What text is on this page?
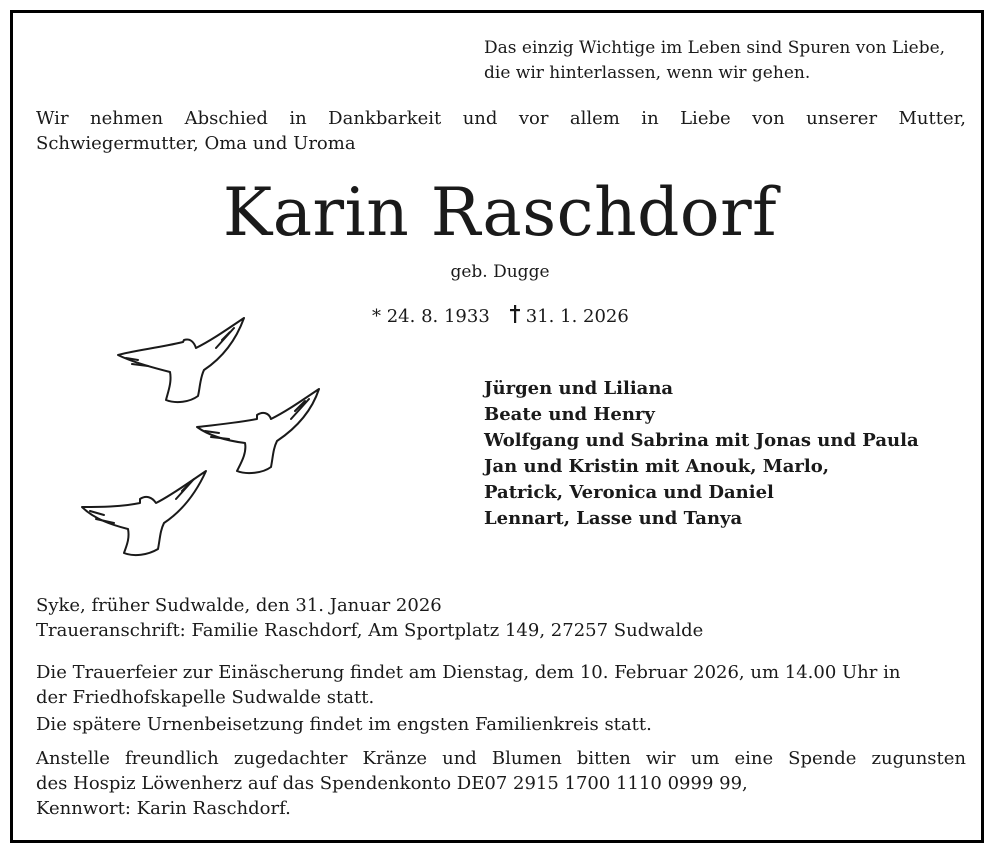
Das einzig Wichtige im Leben sind Spuren von Liebe,
die wir hinterlassen, wenn wir gehen.
Wir nehmen Abschied in Dankbarkeit und vor allem in Liebe von unserer Mutter,
Schwiegermutter, Oma und Uroma
Karin Raschdorf
geb. Dugge
* 24. 8. 1933 31. 1. 2026
Jürgen und Liliana
Beate und Henry
Wolfgang und Sabrina mit Jonas und Paula
Jan und Kristin mit Anouk, Marlo,
Patrick, Veronica und Daniel
Lennart, Lasse und Tanya
Syke, früher Sudwalde, den 31. Januar 2026
Traueranschrift: Familie Raschdorf, Am Sportplatz 149, 27257 Sudwalde
Die Trauerfeier zur Einäscherung findet am Dienstag, dem 10. Februar 2026, um 14.00 Uhr in
der Friedhofskapelle Sudwalde statt.
Die spätere Urnenbeisetzung findet im engsten Familienkreis statt.
Anstelle freundlich zugedachter Kränze und Blumen bitten wir um eine Spende zugunsten
des Hospiz Löwenherz auf das Spendenkonto DE07 2915 1700 1110 0999 99,
Kennwort: Karin Raschdorf.
